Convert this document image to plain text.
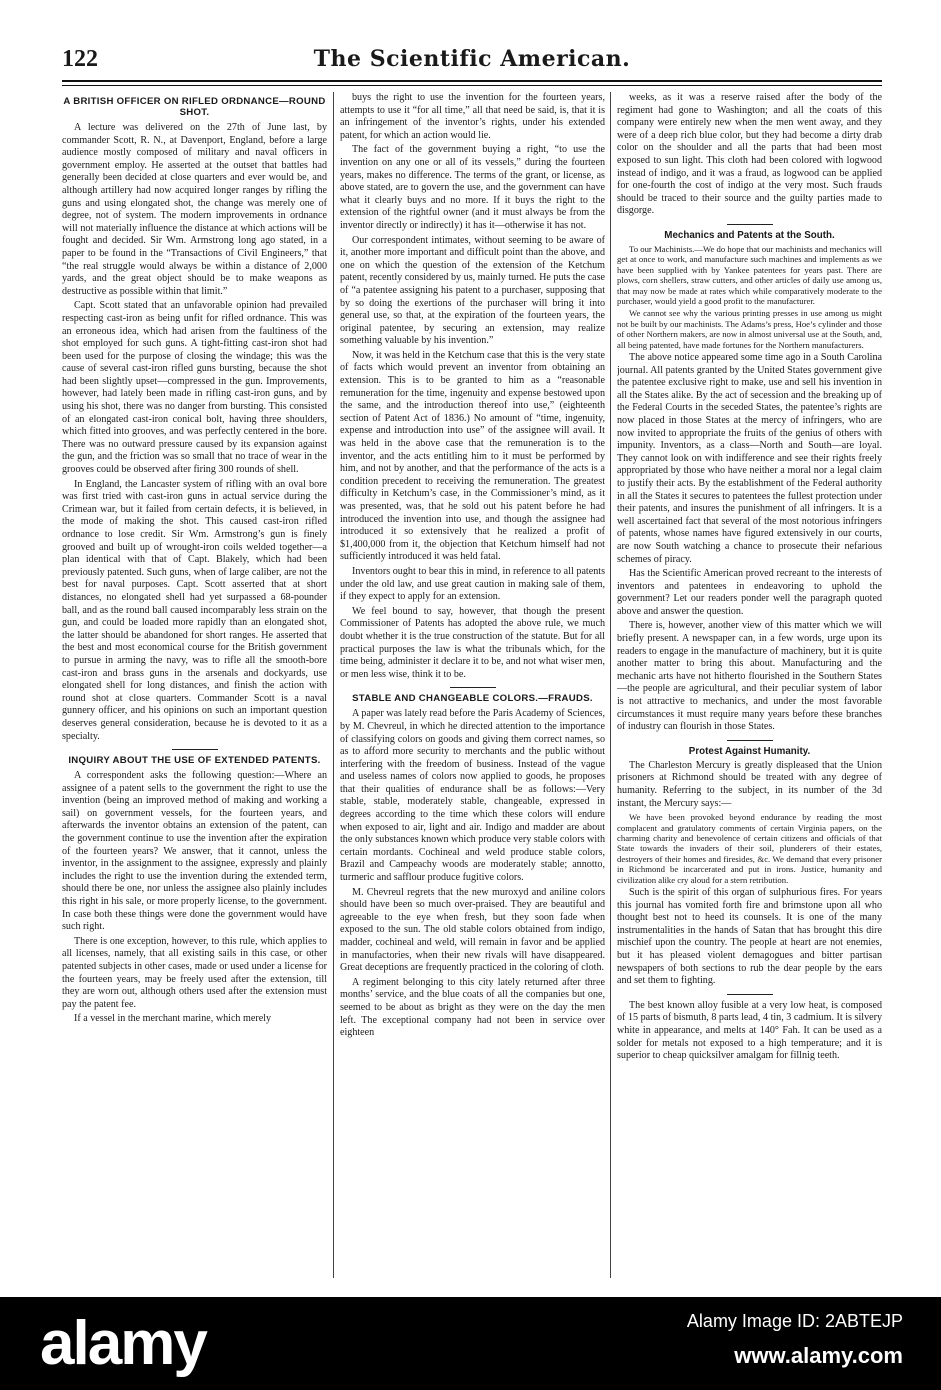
122	The Scientific American.
A BRITISH OFFICER ON RIFLED ORDNANCE—ROUND SHOT.

A lecture was delivered on the 27th of June last, by commander Scott, R. N., at Davenport, England, before a large audience mostly composed of military and naval officers in government employ. He asserted at the outset that battles had generally been decided at close quarters and ever would be, and although artillery had now acquired longer ranges by rifling the guns and using elongated shot, the change was merely one of degree, not of system. The modern improvements in ordnance will not materially influence the distance at which actions will be fought and decided. Sir Wm. Armstrong long ago stated, in a paper to be found in the “Transactions of Civil Engineers,” that “the real struggle would always be within a distance of 2,000 yards, and the great object should be to make weapons as destructive as possible within that limit.”

Capt. Scott stated that an unfavorable opinion had prevailed respecting cast-iron as being unfit for rifled ordnance. This was an erroneous idea, which had arisen from the faultiness of the shot employed for such guns. A tight-fitting cast-iron shot had been used for the purpose of closing the windage; this was the cause of several cast-iron rifled guns bursting, because the shot had been slightly upset—compressed in the gun. Improvements, however, had lately been made in rifling cast-iron guns, and by using his shot, there was no danger from bursting. This consisted of an elongated cast-iron conical bolt, having three shoulders, which fitted into grooves, and was perfectly centered in the bore. There was no outward pressure caused by its expansion against the gun, and the friction was so small that no trace of wear in the grooves could be observed after firing 300 rounds of shell.

In England, the Lancaster system of rifling with an oval bore was first tried with cast-iron guns in actual service during the Crimean war, but it failed from certain defects, it is believed, in the mode of making the shot. This caused cast-iron rifled ordnance to lose credit. Sir Wm. Armstrong’s gun is finely grooved and built up of wrought-iron coils welded together—a plan identical with that of Capt. Blakely, which had been previously patented. Such guns, when of large caliber, are not the best for naval purposes. Capt. Scott asserted that at short distances, no elongated shell had yet surpassed a 68-pounder ball, and as the round ball caused incomparably less strain on the gun, and could be loaded more rapidly than an elongated shot, the latter should be abandoned for short ranges. He asserted that the best and most economical course for the British government to pursue in arming the navy, was to rifle all the smooth-bore cast-iron and brass guns in the arsenals and dockyards, use elongated shell for long distances, and finish the action with round shot at close quarters. Commander Scott is a naval gunnery officer, and his opinions on such an important question deserves general consideration, because he is devoted to it as a specialty.

INQUIRY ABOUT THE USE OF EXTENDED PATENTS.

A correspondent asks the following question:—Where an assignee of a patent sells to the government the right to use the invention (being an improved method of making and working a sail) on government vessels, for the fourteen years, and afterwards the inventor obtains an extension of the patent, can the government continue to use the invention after the expiration of the fourteen years? We answer, that it cannot, unless the inventor, in the assignment to the assignee, expressly and plainly includes the right to use the invention during the extended term, should there be one, nor unless the assignee also plainly includes this right in his sale, or more properly license, to the government. In case both these things were done the government would have such right.

There is one exception, however, to this rule, which applies to all licenses, namely, that all existing sails in this case, or other patented subjects in other cases, made or used under a license for the fourteen years, may be freely used after the extension, till they are worn out, although others used after the extension must pay the patent fee.

If a vessel in the merchant marine, which merely

buys the right to use the invention for the fourteen years, attempts to use it “for all time,” all that need be said, is, that it is an infringement of the inventor’s rights, under his extended patent, for which an action would lie.

The fact of the government buying a right, “to use the invention on any one or all of its vessels,” during the fourteen years, makes no difference. The terms of the grant, or license, as above stated, are to govern the use, and the government can have what it clearly buys and no more. If it buys the right to the extension of the rightful owner (and it must always be from the inventor directly or indirectly) it has it—otherwise it has not.

Our correspondent intimates, without seeming to be aware of it, another more important and difficult point than the above, and one on which the question of the extension of the Ketchum patent, recently considered by us, mainly turned. He puts the case of “a patentee assigning his patent to a purchaser, supposing that by so doing the exertions of the purchaser will bring it into general use, so that, at the expiration of the fourteen years, the original patentee, by securing an extension, may realize something valuable by his invention.”

Now, it was held in the Ketchum case that this is the very state of facts which would prevent an inventor from obtaining an extension. This is to be granted to him as a “reasonable remuneration for the time, ingenuity and expense bestowed upon the same, and the introduction thereof into use,” (eighteenth section of Patent Act of 1836.) No amount of “time, ingenuity, expense and introduction into use” of the assignee will avail. It was held in the above case that the remuneration is to the inventor, and the acts entitling him to it must be performed by him, and not by another, and that the performance of the acts is a condition precedent to receiving the remuneration. The greatest difficulty in Ketchum’s case, in the Commissioner’s mind, as it was presented, was, that he sold out his patent before he had introduced the invention into use, and though the assignee had introduced it so extensively that he realized a profit of $1,400,000 from it, the objection that Ketchum himself had not sufficiently introduced it was held fatal.

Inventors ought to bear this in mind, in reference to all patents under the old law, and use great caution in making sale of them, if they expect to apply for an extension.

We feel bound to say, however, that though the present Commissioner of Patents has adopted the above rule, we much doubt whether it is the true construction of the statute. But for all practical purposes the law is what the tribunals which, for the time being, administer it declare it to be, and not what wiser men, or men less wise, think it to be.

STABLE AND CHANGEABLE COLORS.—FRAUDS.

A paper was lately read before the Paris Academy of Sciences, by M. Chevreul, in which he directed attention to the importance of classifying colors on goods and giving them correct names, so as to afford more security to merchants and the public without interfering with the freedom of business. Instead of the vague and useless names of colors now applied to goods, he proposes that their qualities of endurance shall be as follows:—Very stable, stable, moderately stable, changeable, expressed in degrees according to the time which these colors will endure when exposed to air, light and air. Indigo and madder are about the only substances known which produce very stable colors with certain mordants. Cochineal and weld produce stable colors, Brazil and Campeachy woods are moderately stable; annotto, turmeric and safflour produce fugitive colors.

M. Chevreul regrets that the new muroxyd and aniline colors should have been so much over-praised. They are beautiful and agreeable to the eye when fresh, but they soon fade when exposed to the sun. The old stable colors obtained from indigo, madder, cochineal and weld, will remain in favor and be applied in manufactories, when their new rivals will have disappeared. Great deceptions are frequently practiced in the coloring of cloth.

A regiment belonging to this city lately returned after three months’ service, and the blue coats of all the companies but one, seemed to be about as bright as they were on the day the men left. The exceptional company had not been in service over eighteen

weeks, as it was a reserve raised after the body of the regiment had gone to Washington; and all the coats of this company were entirely new when the men went away, and they were of a deep rich blue color, but they had become a dirty drab color on the shoulder and all the parts that had been most exposed to sun light. This cloth had been colored with logwood instead of indigo, and it was a fraud, as logwood can be applied for one-fourth the cost of indigo at the very most. Such frauds should be traced to their source and the guilty parties made to disgorge.

Mechanics and Patents at the South.

To our Machinists.—We do hope that our machinists and mechanics will get at once to work, and manufacture such machines and implements as we have been supplied with by Yankee patentees for years past. There are plows, corn shellers, straw cutters, and other articles of daily use among us, that may now be made at rates which while comparatively moderate to the purchaser, would yield a good profit to the manufacturer.

We cannot see why the various printing presses in use among us might not be built by our machinists. The Adams’s press, Hoe’s cylinder and those of other Northern makers, are now in almost universal use at the South, and, all being patented, have made fortunes for the Northern manufacturers.

The above notice appeared some time ago in a South Carolina journal. All patents granted by the United States government give the patentee exclusive right to make, use and sell his invention in all the States alike. By the act of secession and the breaking up of the Federal Courts in the seceded States, the patentee’s rights are now placed in those States at the mercy of infringers, who are now invited to appropriate the fruits of the genius of others with impunity. Inventors, as a class—North and South—are loyal. They cannot look on with indifference and see their rights freely appropriated by those who have neither a moral nor a legal claim to justify their acts. By the establishment of the Federal authority in all the States it secures to patentees the fullest protection under their patents, and insures the punishment of all infringers. It is a well ascertained fact that several of the most notorious infringers of patents, whose names have figured extensively in our courts, are now South watching a chance to prosecute their nefarious schemes of piracy.

Has the Scientific American proved recreant to the interests of inventors and patentees in endeavoring to uphold the government? Let our readers ponder well the paragraph quoted above and answer the question.

There is, however, another view of this matter which we will briefly present. A newspaper can, in a few words, urge upon its readers to engage in the manufacture of machinery, but it is quite another matter to bring this about. Manufacturing and the mechanic arts have not hitherto flourished in the Southern States—the people are agricultural, and their peculiar system of labor is not attractive to mechanics, and under the most favorable circumstances it must require many years before these branches of industry can flourish in those States.

Protest Against Humanity.

The Charleston Mercury is greatly displeased that the Union prisoners at Richmond should be treated with any degree of humanity. Referring to the subject, in its number of the 3d instant, the Mercury says:—

We have been provoked beyond endurance by reading the most complacent and gratulatory comments of certain Virginia papers, on the charming charity and benevolence of certain citizens and officials of that State towards the invaders of their soil, plunderers of their estates, destroyers of their homes and firesides, &c. We demand that every prisoner in Richmond be incarcerated and put in irons. Justice, humanity and civilization alike cry aloud for a stern retribution.

Such is the spirit of this organ of sulphurious fires. For years this journal has vomited forth fire and brimstone upon all who thought best not to heed its counsels. It is one of the many instrumentalities in the hands of Satan that has brought this dire mischief upon the country. The people at heart are not enemies, but it has pleased violent demagogues and bitter partisan newspapers of both sections to rub the dear people by the ears and set them to fighting.

The best known alloy fusible at a very low heat, is composed of 15 parts of bismuth, 8 parts lead, 4 tin, 3 cadmium. It is silvery white in appearance, and melts at 140° Fah. It can be used as a solder for metals not exposed to a high temperature; and it is superior to cheap quicksilver amalgam for fillnig teeth.

alamy	Alamy Image ID: 2ABTEJP
www.alamy.com
